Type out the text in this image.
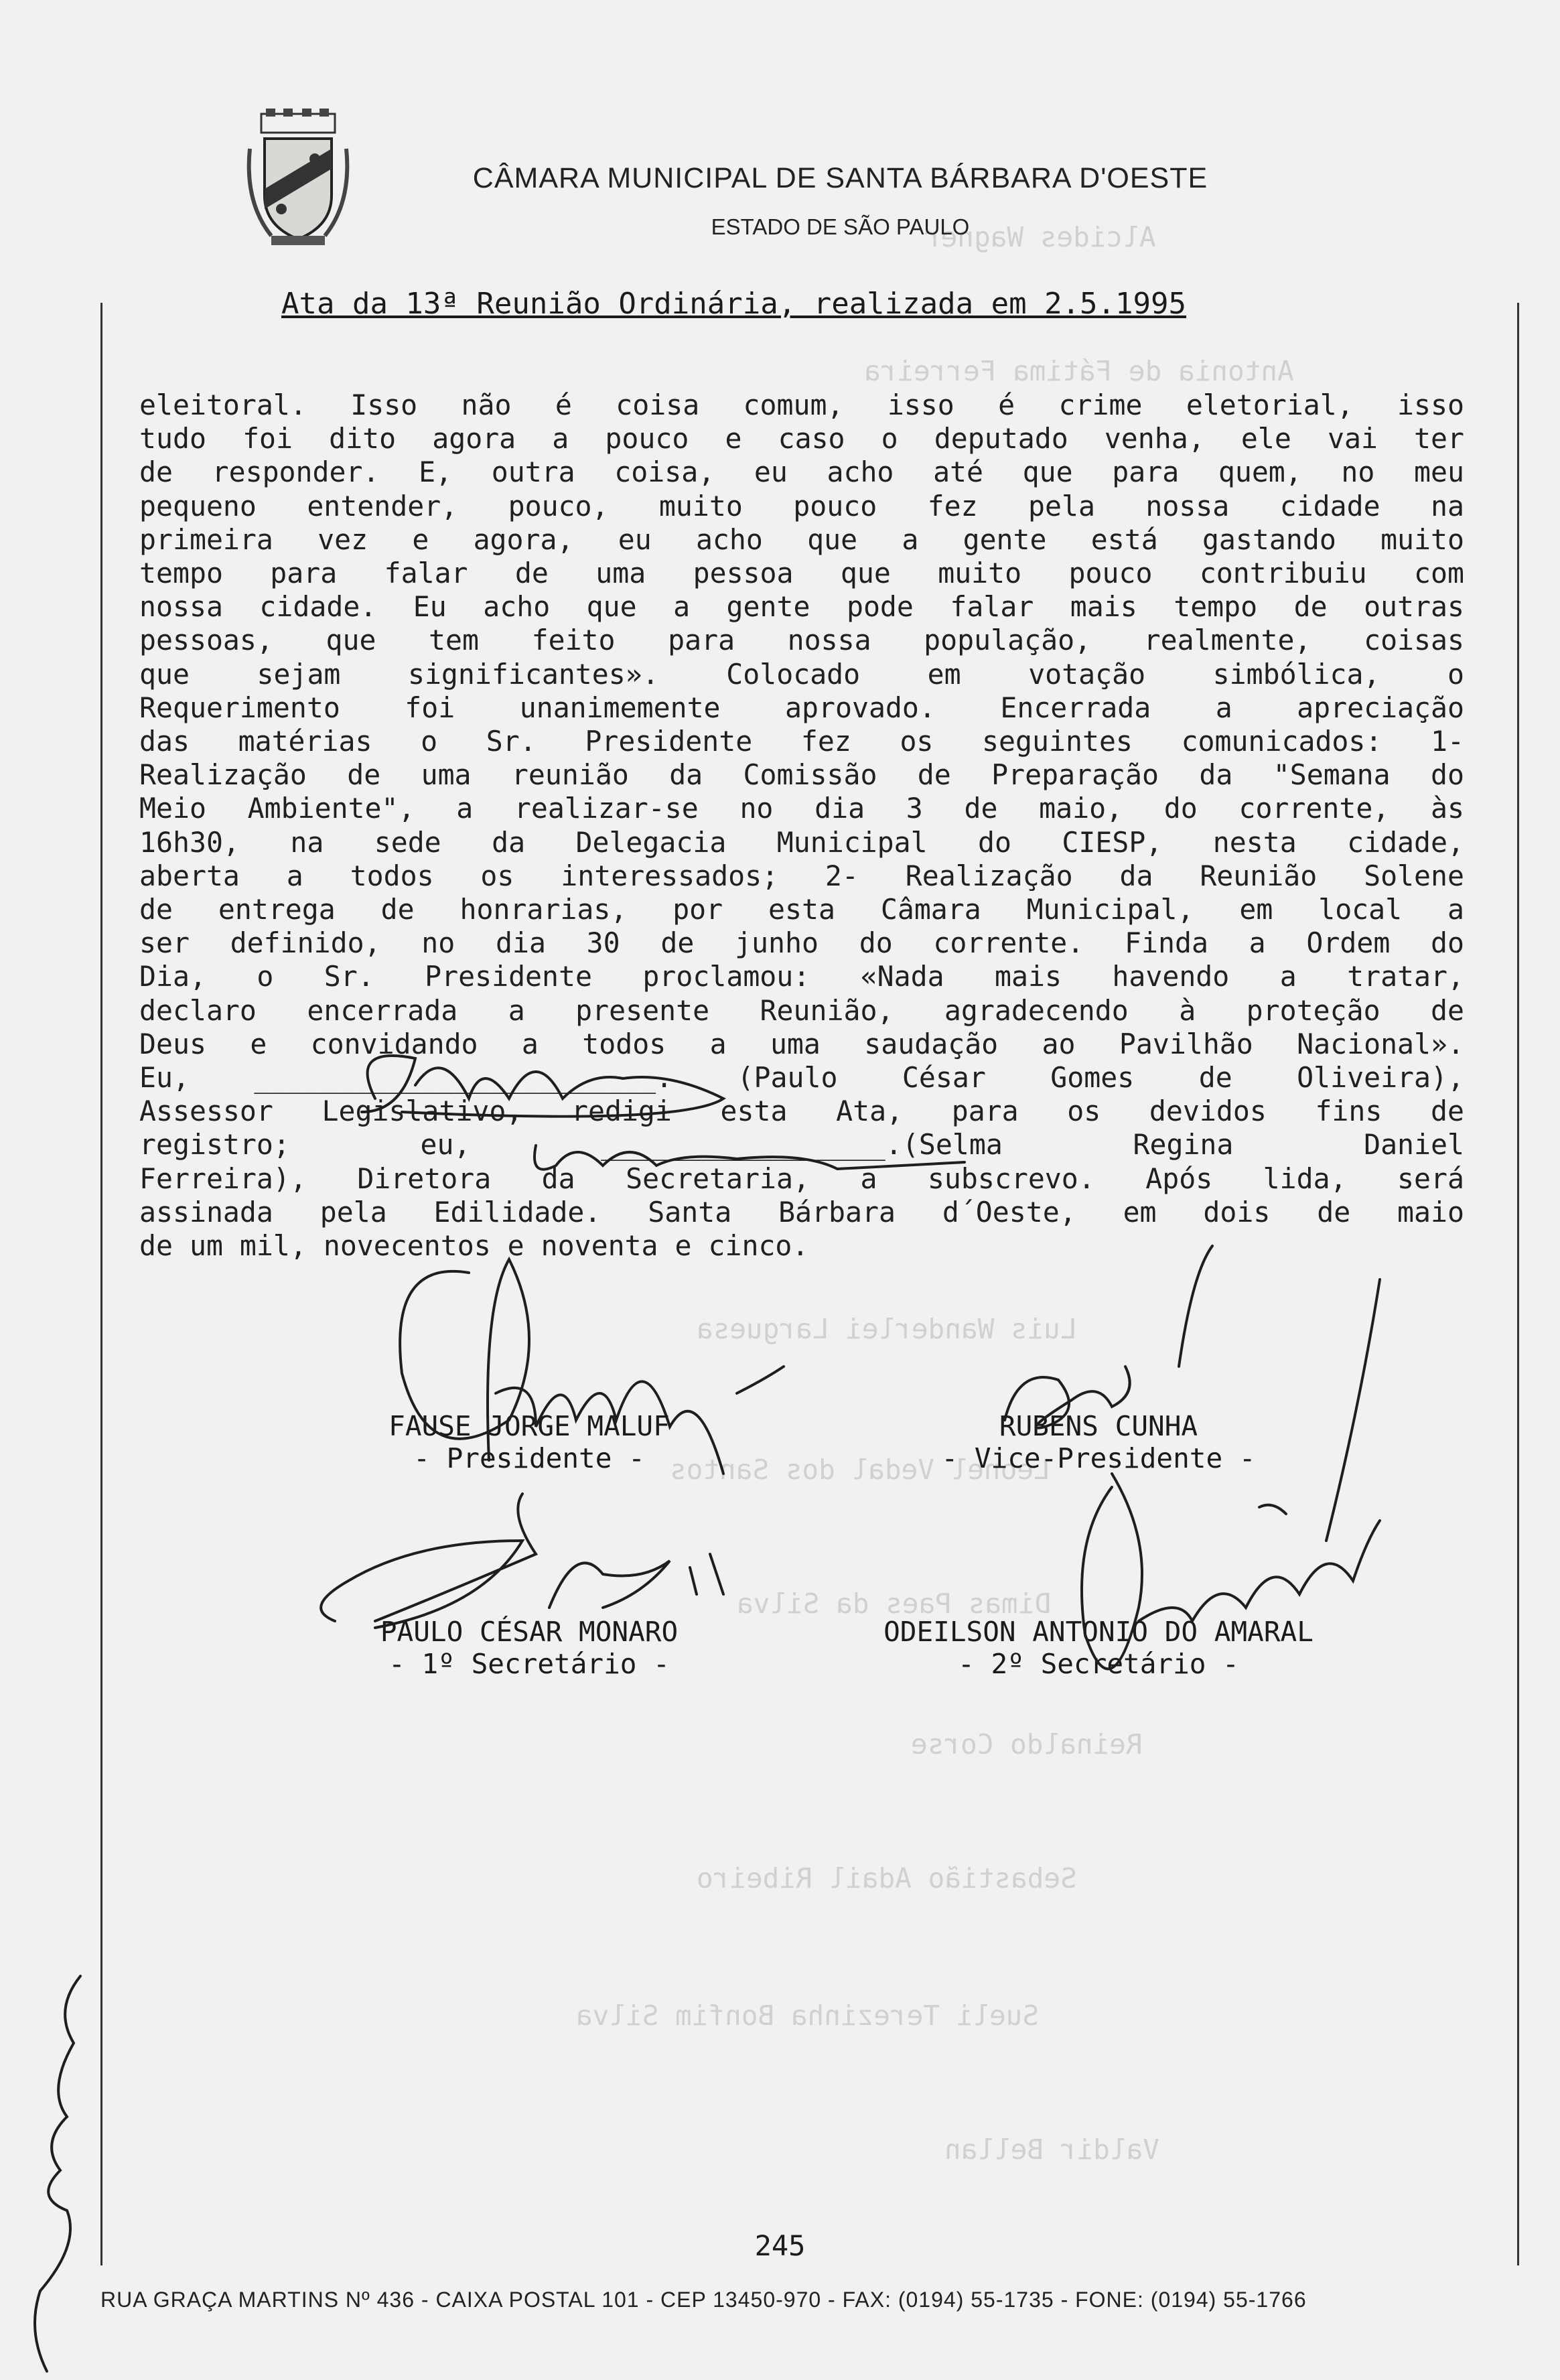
Alcides Wagner
Antonia de Fátima Ferreira
Luis Wanderlei Larguesa
Leonel Vedal dos Santos
Dimas Paes da Silva
Reinaldo Corse
Sebastião Adail Ribeiro
Sueli Terezinha Bonfim Silva
Valdir Bellan
CÂMARA MUNICIPAL DE SANTA BÁRBARA D'OESTE
ESTADO DE SÃO PAULO
Ata da 13ª Reunião Ordinária, realizada em 2.5.1995
eleitoral. Isso não é coisa comum, isso é crime eletorial, isso
tudo foi dito agora a pouco e caso o deputado venha, ele vai ter
de responder. E, outra coisa, eu acho até que para quem, no meu
pequeno entender, pouco, muito pouco fez pela nossa cidade na
primeira vez e agora, eu acho que a gente está gastando muito
tempo para falar de uma pessoa que muito pouco contribuiu com
nossa cidade. Eu acho que a gente pode falar mais tempo de outras
pessoas, que tem feito para nossa população, realmente, coisas
que sejam significantes». Colocado em votação simbólica, o
Requerimento foi unanimemente aprovado. Encerrada a apreciação
das matérias o Sr. Presidente fez os seguintes comunicados: 1-
Realização de uma reunião da Comissão de Preparação da "Semana do
Meio Ambiente", a realizar-se no dia 3 de maio, do corrente, às
16h30, na sede da Delegacia Municipal do CIESP, nesta cidade,
aberta a todos os interessados; 2- Realização da Reunião Solene
de entrega de honrarias, por esta Câmara Municipal, em local a
ser definido, no dia 30 de junho do corrente. Finda a Ordem do
Dia, o Sr. Presidente proclamou: «Nada mais havendo a tratar,
declaro encerrada a presente Reunião, agradecendo à proteção de
Deus e convidando a todos a uma saudação ao Pavilhão Nacional».
Eu, ________________________. (Paulo César Gomes de Oliveira),
Assessor Legislativo, redigi esta Ata, para os devidos fins de
registro; eu, _________________.(Selma Regina Daniel
Ferreira), Diretora da Secretaria, a subscrevo. Após lida, será
assinada pela Edilidade. Santa Bárbara d´Oeste, em dois de maio
de um mil, novecentos e noventa e cinco.
FAUSE JORGE MALUF
- Presidente -
RUBENS CUNHA
- Vice-Presidente -
PAULO CÉSAR MONARO
- 1º Secretário -
ODEILSON ANTONIO DO AMARAL
- 2º Secretário -
245
RUA GRAÇA MARTINS Nº 436 - CAIXA POSTAL 101 - CEP 13450-970 - FAX: (0194) 55-1735 - FONE: (0194) 55-1766
